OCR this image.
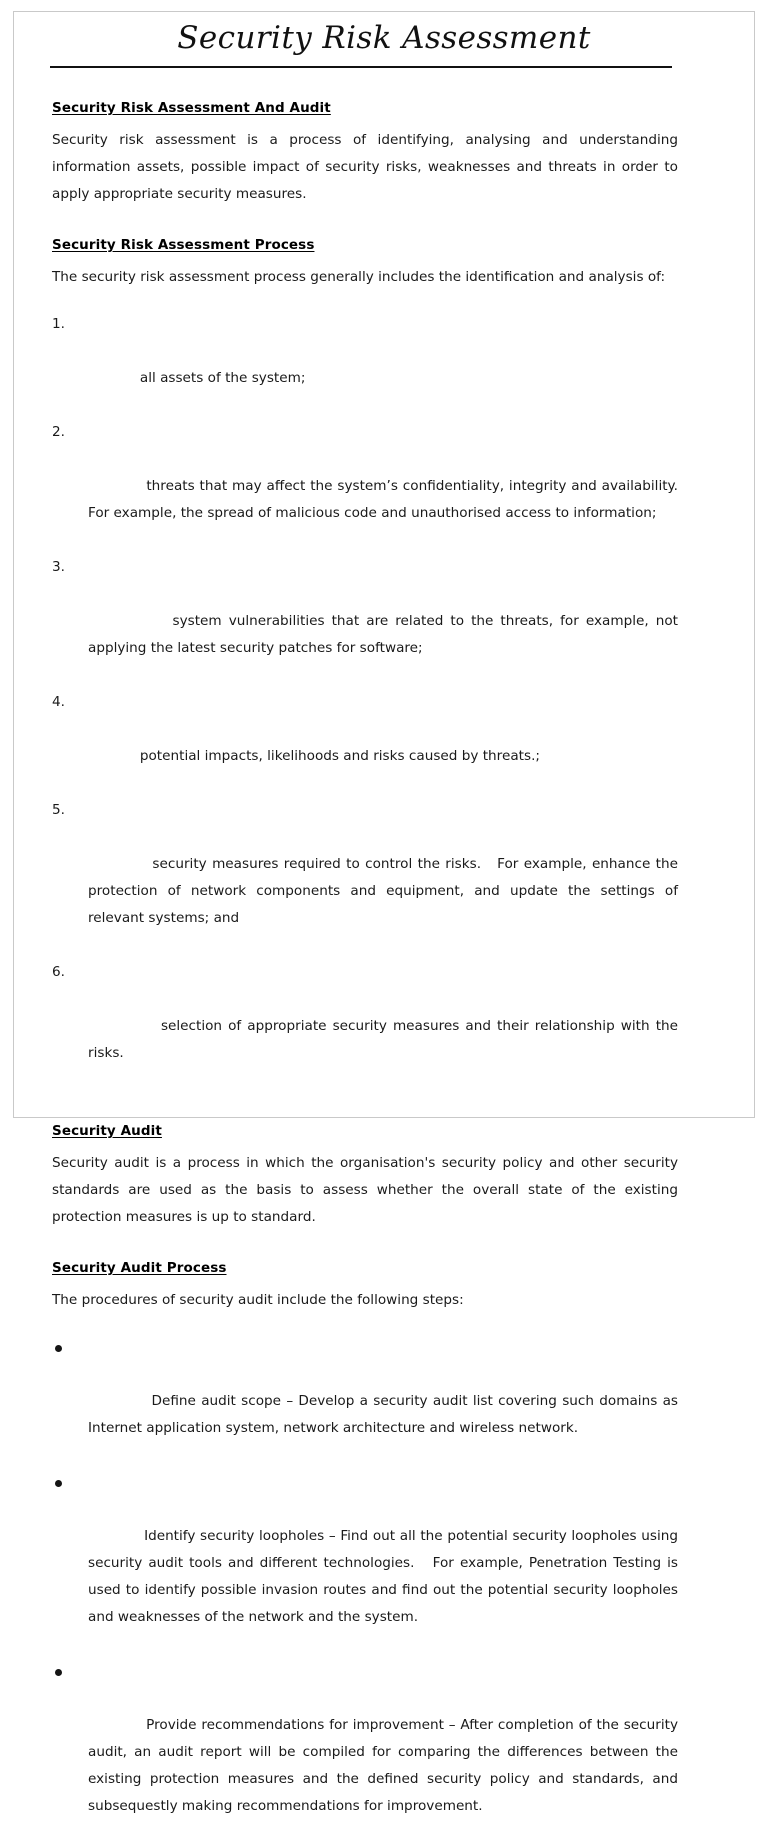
Security Risk Assessment
Security Risk Assessment And Audit

Security risk assessment is a process of identifying, analysing and understanding information assets, possible impact of security risks, weaknesses and threats in order to apply appropriate security measures.

Security Risk Assessment Process

The security risk assessment process generally includes the identification and analysis of:

1.

all assets of the system;

2.

threats that may affect the system’s confidentiality, integrity and availability. For example, the spread of malicious code and unauthorised access to information;

3.

system vulnerabilities that are related to the threats, for example, not applying the latest security patches for software;

4.

potential impacts, likelihoods and risks caused by threats.;

5.

security measures required to control the risks.   For example, enhance the protection of network components and equipment, and update the settings of relevant systems; and

6.

selection of appropriate security measures and their relationship with the risks.

Security Audit

Security audit is a process in which the organisation's security policy and other security standards are used as the basis to assess whether the overall state of the existing protection measures is up to standard.

Security Audit Process

The procedures of security audit include the following steps:

Define audit scope – Develop a security audit list covering such domains as Internet application system, network architecture and wireless network.

Identify security loopholes – Find out all the potential security loopholes using security audit tools and different technologies.   For example, Penetration Testing is used to identify possible invasion routes and find out the potential security loopholes and weaknesses of the network and the system.

Provide recommendations for improvement – After completion of the security audit, an audit report will be compiled for comparing the differences between the existing protection measures and the defined security policy and standards, and subsequestly making recommendations for improvement.
